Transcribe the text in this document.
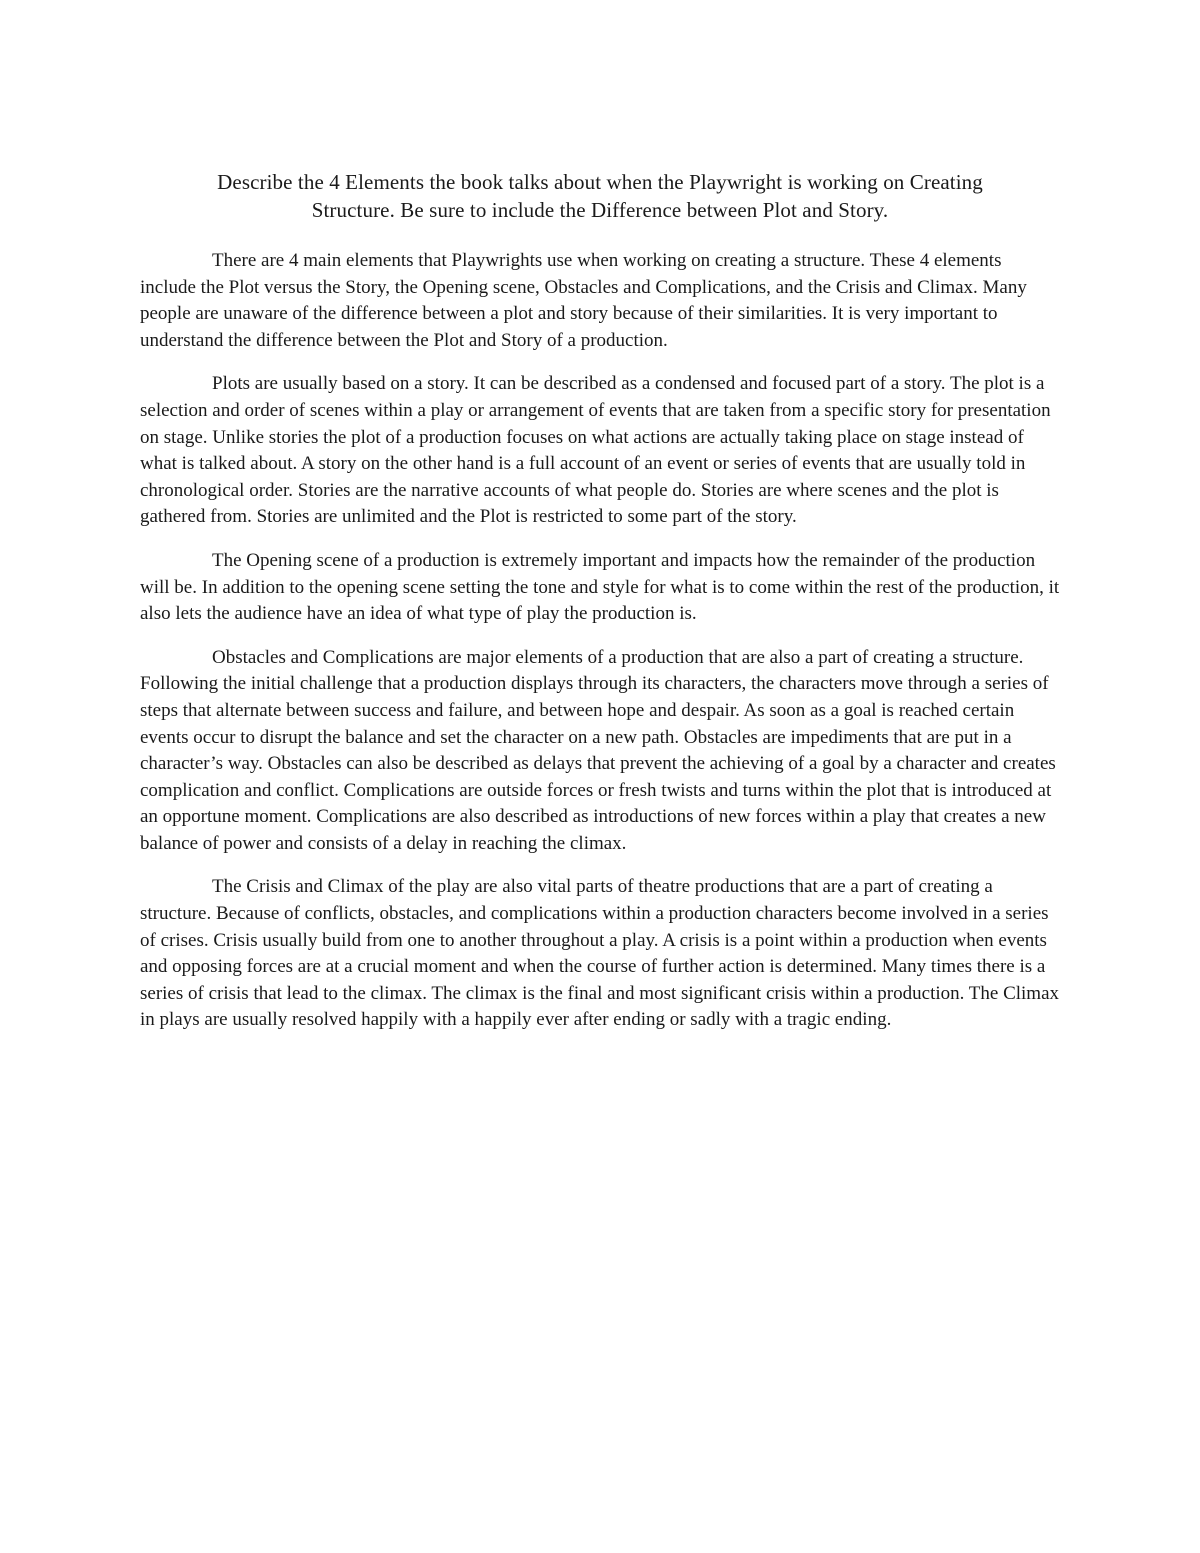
Describe the 4 Elements the book talks about when the Playwright is working on Creating
Structure. Be sure to include the Difference between Plot and Story.

There are 4 main elements that Playwrights use when working on creating a structure. These 4 elements include the Plot versus the Story, the Opening scene, Obstacles and Complications, and the Crisis and Climax. Many people are unaware of the difference between a plot and story because of their similarities. It is very important to understand the difference between the Plot and Story of a production.

Plots are usually based on a story. It can be described as a condensed and focused part of a story. The plot is a selection and order of scenes within a play or arrangement of events that are taken from a specific story for presentation on stage. Unlike stories the plot of a production focuses on what actions are actually taking place on stage instead of what is talked about. A story on the other hand is a full account of an event or series of events that are usually told in chronological order. Stories are the narrative accounts of what people do. Stories are where scenes and the plot is gathered from. Stories are unlimited and the Plot is restricted to some part of the story.

The Opening scene of a production is extremely important and impacts how the remainder of the production will be. In addition to the opening scene setting the tone and style for what is to come within the rest of the production, it also lets the audience have an idea of what type of play the production is.

Obstacles and Complications are major elements of a production that are also a part of creating a structure. Following the initial challenge that a production displays through its characters, the characters move through a series of steps that alternate between success and failure, and between hope and despair. As soon as a goal is reached certain events occur to disrupt the balance and set the character on a new path. Obstacles are impediments that are put in a character’s way. Obstacles can also be described as delays that prevent the achieving of a goal by a character and creates complication and conflict. Complications are outside forces or fresh twists and turns within the plot that is introduced at an opportune moment. Complications are also described as introductions of new forces within a play that creates a new balance of power and consists of a delay in reaching the climax.

The Crisis and Climax of the play are also vital parts of theatre productions that are a part of creating a structure. Because of conflicts, obstacles, and complications within a production characters become involved in a series of crises. Crisis usually build from one to another throughout a play. A crisis is a point within a production when events and opposing forces are at a crucial moment and when the course of further action is determined. Many times there is a series of crisis that lead to the climax. The climax is the final and most significant crisis within a production. The Climax in plays are usually resolved happily with a happily ever after ending or sadly with a tragic ending.
